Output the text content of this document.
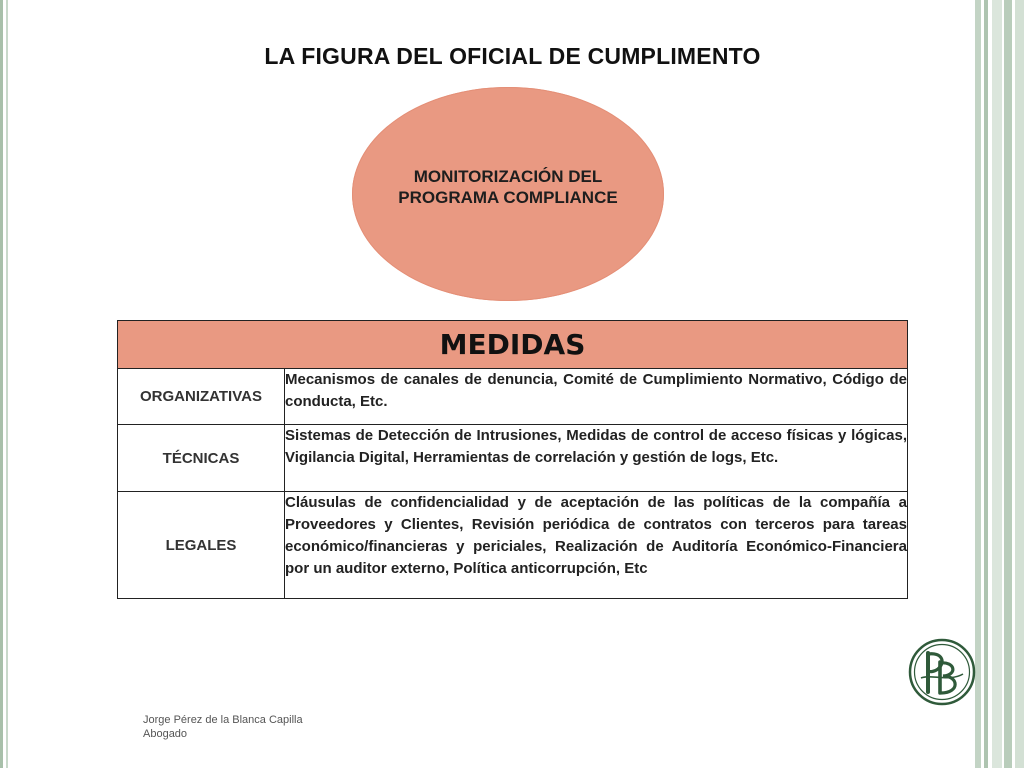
LA FIGURA DEL OFICIAL DE CUMPLIMENTO
MONITORIZACIÓN DEL PROGRAMA COMPLIANCE
MEDIDAS	
ORGANIZATIVAS	Mecanismos de canales de denuncia, Comité de Cumplimiento Normativo, Código de conducta, Etc.
TÉCNICAS	Sistemas de Detección de Intrusiones, Medidas de control de acceso físicas y lógicas, Vigilancia Digital, Herramientas de correlación y gestión de logs, Etc.
LEGALES	Cláusulas de confidencialidad y de aceptación de las políticas de la compañía a Proveedores y Clientes, Revisión periódica de contratos con terceros para tareas económico/financieras y periciales, Realización de Auditoría Económico-Financiera por un auditor externo, Política anticorrupción, Etc
Jorge Pérez de la Blanca Capilla
Abogado
